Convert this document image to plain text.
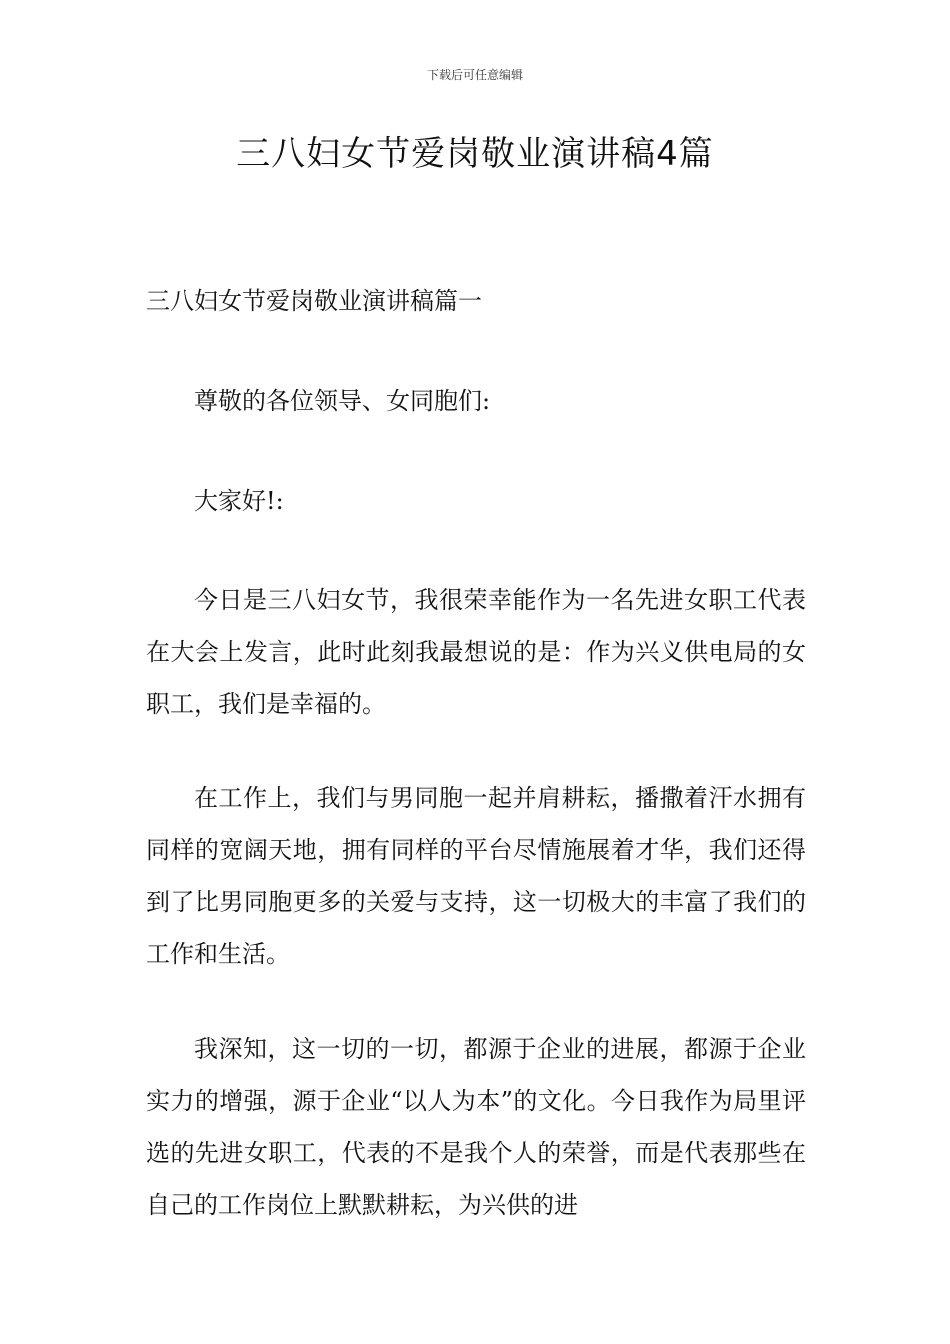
下载后可任意编辑
三八妇女节爱岗敬业演讲稿4篇
三八妇女节爱岗敬业演讲稿篇一

尊敬的各位领导、女同胞们:

大家好!:

今日是三八妇女节，我很荣幸能作为一名先进女职工代表在大会上发言，此时此刻我最想说的是：作为兴义供电局的女职工，我们是幸福的。

在工作上，我们与男同胞一起并肩耕耘，播撒着汗水拥有同样的宽阔天地，拥有同样的平台尽情施展着才华，我们还得到了比男同胞更多的关爱与支持，这一切极大的丰富了我们的工作和生活。

我深知，这一切的一切，都源于企业的进展，都源于企业实力的增强，源于企业“以人为本”的文化。今日我作为局里评选的先进女职工，代表的不是我个人的荣誉，而是代表那些在自己的工作岗位上默默耕耘，为兴供的进
